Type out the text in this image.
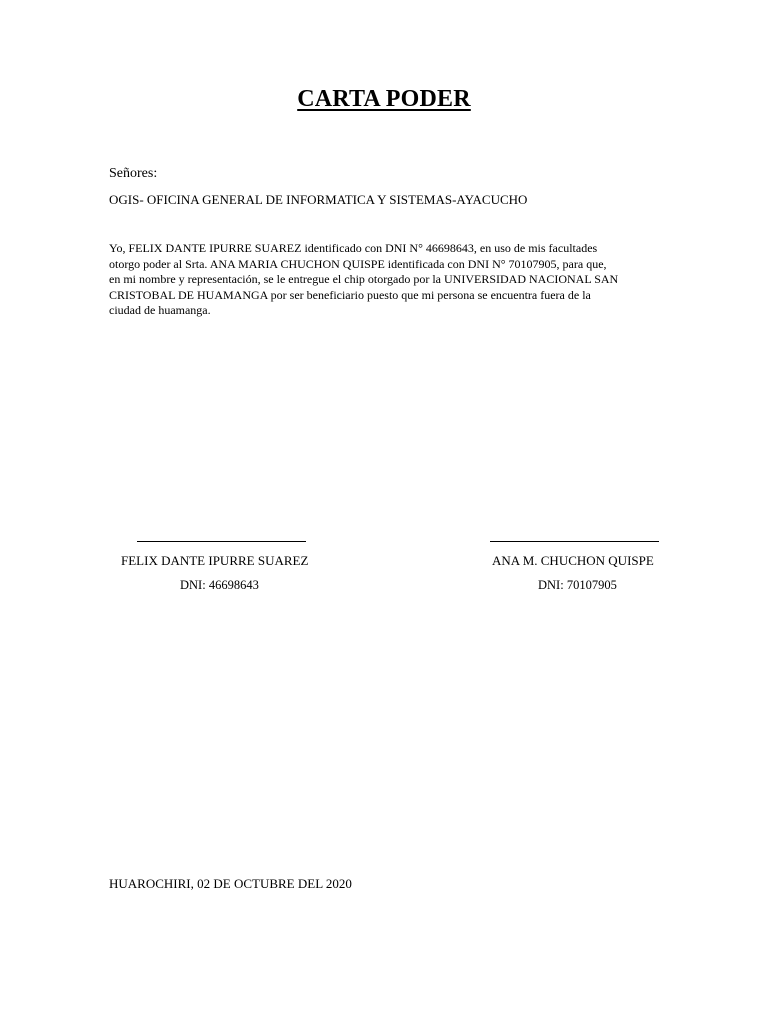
CARTA PODER
Señores:
OGIS- OFICINA GENERAL DE INFORMATICA Y SISTEMAS-AYACUCHO

Yo, FELIX DANTE IPURRE SUAREZ identificado con DNI N° 46698643, en uso de mis facultades

otorgo poder al Srta. ANA MARIA CHUCHON QUISPE identificada con DNI N° 70107905, para que,

en mi nombre y representación, se le entregue el chip otorgado por la UNIVERSIDAD NACIONAL SAN

CRISTOBAL DE HUAMANGA por ser beneficiario puesto que mi persona se encuentra fuera de la

ciudad de huamanga.

FELIX DANTE IPURRE SUAREZ	ANA M. CHUCHON QUISPE
DNI: 46698643	DNI: 70107905
HUAROCHIRI, 02 DE OCTUBRE DEL 2020
